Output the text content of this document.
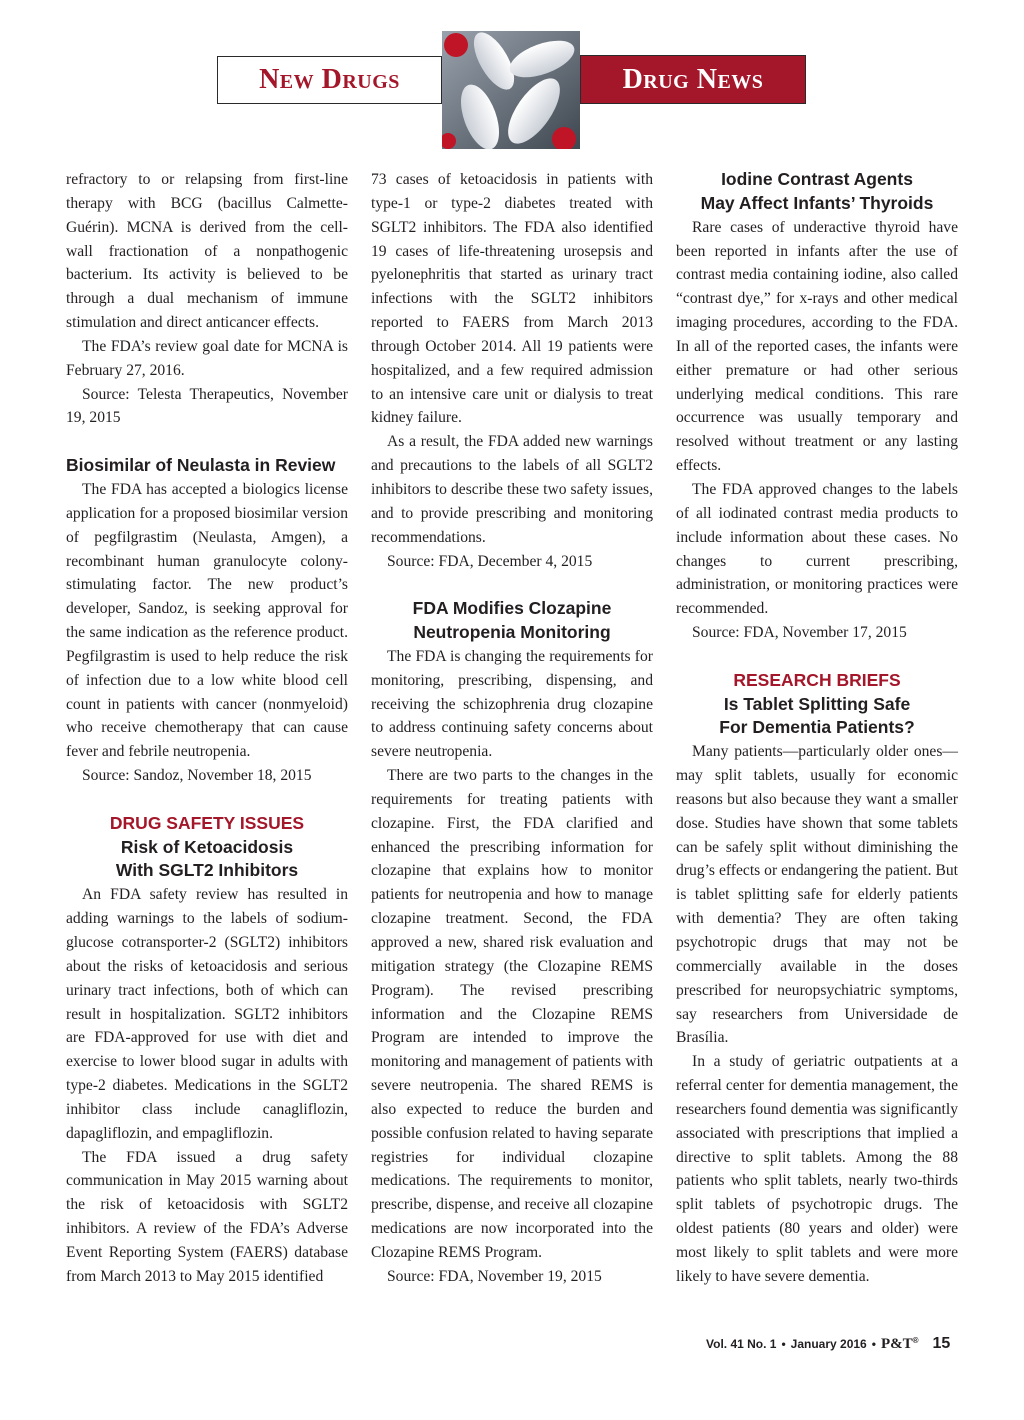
New Drugs	Drug News

refractory to or relapsing from first-line therapy with BCG (bacillus Calmette-Guérin). MCNA is derived from the cell-wall fractionation of a nonpathogenic bacterium. Its activity is believed to be through a dual mechanism of immune stimulation and direct anticancer effects.

The FDA’s review goal date for MCNA is February 27, 2016.

Source: Telesta Therapeutics, November 19, 2015

Biosimilar of Neulasta in Review

The FDA has accepted a biologics license application for a proposed biosimilar version of pegfilgrastim (Neulasta, Amgen), a recombinant human granulocyte colony-stimulating factor. The new product’s developer, Sandoz, is seeking approval for the same indication as the reference product. Pegfilgrastim is used to help reduce the risk of infection due to a low white blood cell count in patients with cancer (nonmyeloid) who receive chemotherapy that can cause fever and febrile neutropenia.

Source: Sandoz, November 18, 2015

DRUG SAFETY ISSUES
Risk of Ketoacidosis
With SGLT2 Inhibitors

An FDA safety review has resulted in adding warnings to the labels of sodium-glucose cotransporter-2 (SGLT2) inhibitors about the risks of ketoacidosis and serious urinary tract infections, both of which can result in hospitalization. SGLT2 inhibitors are FDA-approved for use with diet and exercise to lower blood sugar in adults with type-2 diabetes. Medications in the SGLT2 inhibitor class include canagliflozin, dapagliflozin, and empagliflozin.

The FDA issued a drug safety communication in May 2015 warning about the risk of ketoacidosis with SGLT2 inhibitors. A review of the FDA’s Adverse Event Reporting System (FAERS) database from March 2013 to May 2015 identified

73 cases of ketoacidosis in patients with type-1 or type-2 diabetes treated with SGLT2 inhibitors. The FDA also identified 19 cases of life-threatening urosepsis and pyelonephritis that started as urinary tract infections with the SGLT2 inhibitors reported to FAERS from March 2013 through October 2014. All 19 patients were hospitalized, and a few required admission to an intensive care unit or dialysis to treat kidney failure.

As a result, the FDA added new warnings and precautions to the labels of all SGLT2 inhibitors to describe these two safety issues, and to provide prescribing and monitoring recommendations.

Source: FDA, December 4, 2015

FDA Modifies Clozapine
Neutropenia Monitoring

The FDA is changing the requirements for monitoring, prescribing, dispensing, and receiving the schizophrenia drug clozapine to address continuing safety concerns about severe neutropenia.

There are two parts to the changes in the requirements for treating patients with clozapine. First, the FDA clarified and enhanced the prescribing information for clozapine that explains how to monitor patients for neutropenia and how to manage clozapine treatment. Second, the FDA approved a new, shared risk evaluation and mitigation strategy (the Clozapine REMS Program). The revised prescribing information and the Clozapine REMS Program are intended to improve the monitoring and management of patients with severe neutropenia. The shared REMS is also expected to reduce the burden and possible confusion related to having separate registries for individual clozapine medications. The requirements to monitor, prescribe, dispense, and receive all clozapine medications are now incorporated into the Clozapine REMS Program.

Source: FDA, November 19, 2015

Iodine Contrast Agents
May Affect Infants’ Thyroids

Rare cases of underactive thyroid have been reported in infants after the use of contrast media containing iodine, also called “contrast dye,” for x-rays and other medical imaging procedures, according to the FDA. In all of the reported cases, the infants were either premature or had other serious underlying medical conditions. This rare occurrence was usually temporary and resolved without treatment or any lasting effects.

The FDA approved changes to the labels of all iodinated contrast media products to include information about these cases. No changes to current prescribing, administration, or monitoring practices were recommended.

Source: FDA, November 17, 2015

RESEARCH BRIEFS
Is Tablet Splitting Safe
For Dementia Patients?

Many patients—particularly older ones—may split tablets, usually for economic reasons but also because they want a smaller dose. Studies have shown that some tablets can be safely split without diminishing the drug’s effects or endangering the patient. But is tablet splitting safe for elderly patients with dementia? They are often taking psychotropic drugs that may not be commercially available in the doses prescribed for neuropsychiatric symptoms, say researchers from Universidade de Brasília.

In a study of geriatric outpatients at a referral center for dementia management, the researchers found dementia was significantly associated with prescriptions that implied a directive to split tablets. Among the 88 patients who split tablets, nearly two-thirds split tablets of psychotropic drugs. The oldest patients (80 years and older) were most likely to split tablets and were more likely to have severe dementia.

Vol. 41 No. 1 • January 2016 • P&T® 15
